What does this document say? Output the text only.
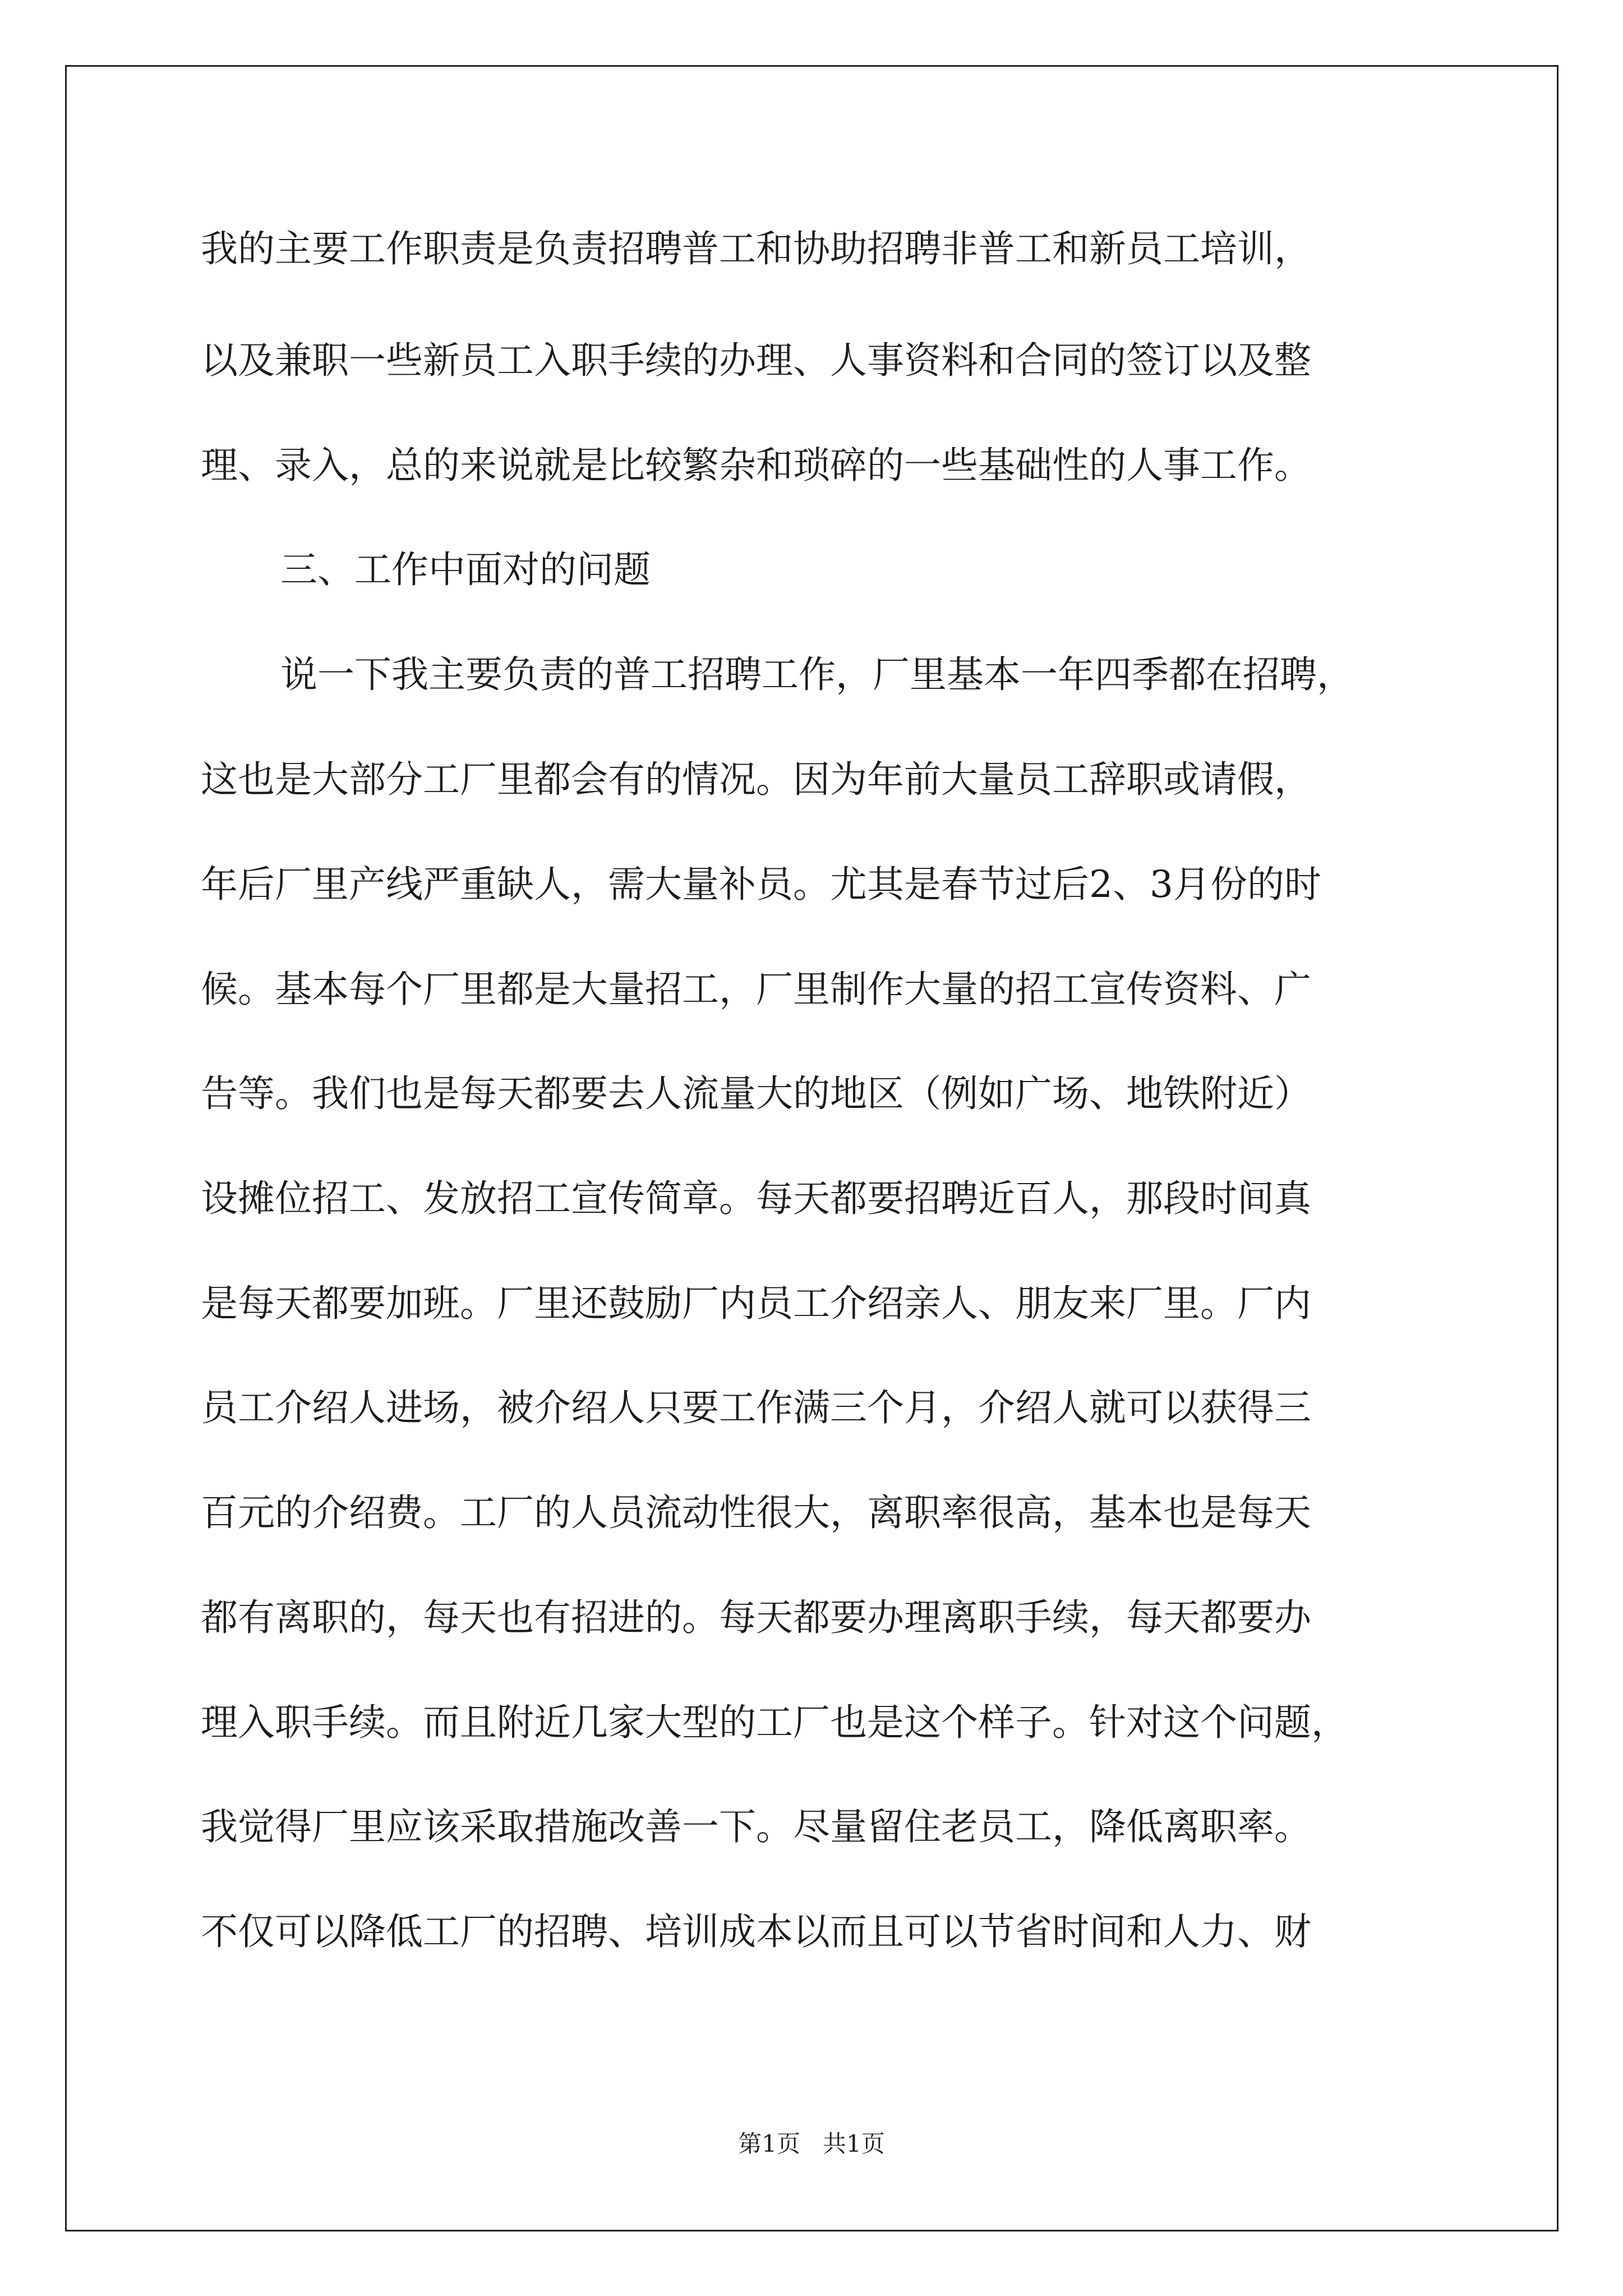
我的主要工作职责是负责招聘普工和协助招聘非普工和新员工培训，
以及兼职一些新员工入职手续的办理、人事资料和合同的签订以及整
理、录入，总的来说就是比较繁杂和琐碎的一些基础性的人事工作。
三、工作中面对的问题
说一下我主要负责的普工招聘工作，厂里基本一年四季都在招聘，
这也是大部分工厂里都会有的情况。因为年前大量员工辞职或请假，
年后厂里产线严重缺人，需大量补员。尤其是春节过后2、3月份的时
候。基本每个厂里都是大量招工，厂里制作大量的招工宣传资料、广
告等。我们也是每天都要去人流量大的地区（例如广场、地铁附近）
设摊位招工、发放招工宣传简章。每天都要招聘近百人，那段时间真
是每天都要加班。厂里还鼓励厂内员工介绍亲人、朋友来厂里。厂内
员工介绍人进场，被介绍人只要工作满三个月，介绍人就可以获得三
百元的介绍费。工厂的人员流动性很大，离职率很高，基本也是每天
都有离职的，每天也有招进的。每天都要办理离职手续，每天都要办
理入职手续。而且附近几家大型的工厂也是这个样子。针对这个问题，
我觉得厂里应该采取措施改善一下。尽量留住老员工，降低离职率。
不仅可以降低工厂的招聘、培训成本以而且可以节省时间和人力、财
第1页 共1页
